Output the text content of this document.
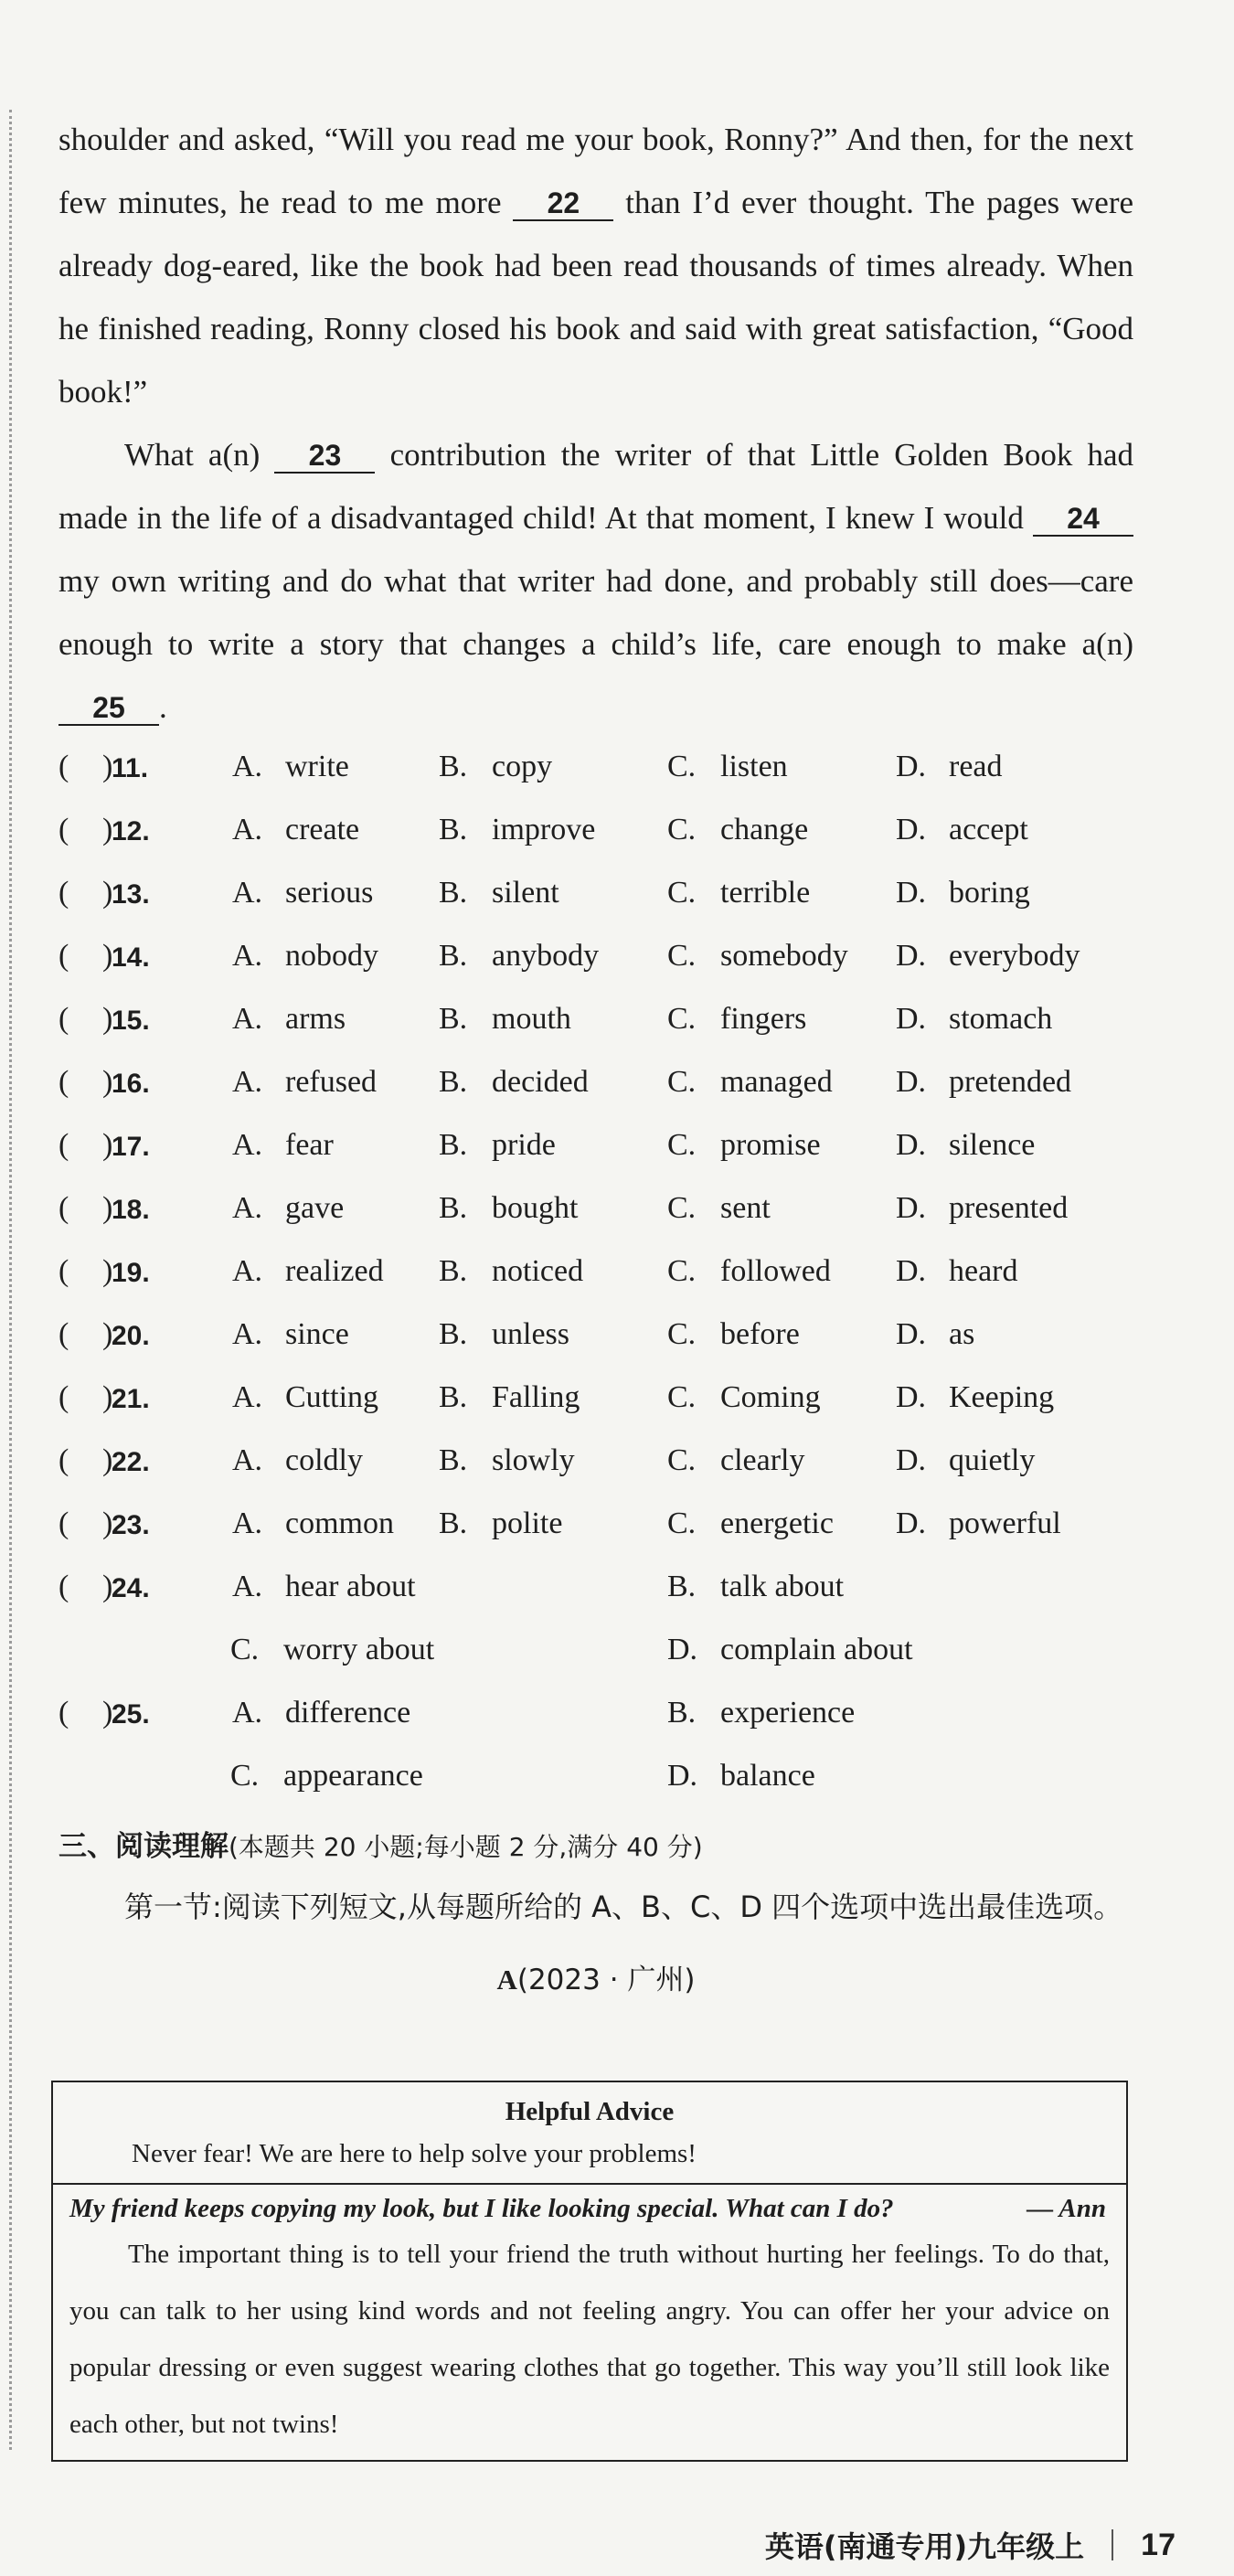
shoulder and asked, “Will you read me your book, Ronny?” And then, for the next few minutes, he read to me more 22 than I’d ever thought. The pages were already dog-eared, like the book had been read thousands of times already. When he finished reading, Ronny closed his book and said with great satisfaction, “Good book!”

What a(n) 23 contribution the writer of that Little Golden Book had made in the life of a disadvantaged child! At that moment, I knew I would 24 my own writing and do what that writer had done, and probably still does—care enough to write a story that changes a child’s life, care enough to make a(n) 25 .

( )
11.	A. write	B. copy	C. listen	D. read
( )
12.	A. create	B. improve C. change	D. accept
( )
13.	A. serious B. silent	C. terrible	D. boring
( )
14.	A. nobody B. anybody C. somebody D. everybody
( )
15.	A. arms	B. mouth	C. fingers	D. stomach
( )
16.	A. refused B. decided	C. managed D. pretended
( )
17.	A. fear	B. pride	C. promise D. silence
( )
18.	A. gave	B. bought	C. sent	D. presented
( )
19.	A. realized B. noticed	C. followed D. heard
( )
20.	A. since	B. unless	C. before	D. as
( )
21.	A. Cutting B. Falling	C. Coming D. Keeping
( )
22.	A. coldly B. slowly	C. clearly	D. quietly
( )
23.	A. common B. polite	C. energetic D. powerful
( )
24.	A. hear about	B. talk about
C. worry about	D. complain about
( )
25.	A. difference	B. experience
C. appearance	D. balance
三、阅读理解(本题共 20 小题;每小题 2 分,满分 40 分)

第一节:阅读下列短文,从每题所给的 A、B、C、D 四个选项中选出最佳选项。

A(2023 · 广州)
Helpful Advice
Never fear! We are here to help solve your problems!
My friend keeps copying my look, but I like looking special. What can I do?	— Ann

The important thing is to tell your friend the truth without hurting her feelings. To do that, you can talk to her using kind words and not feeling angry. You can offer her your advice on popular dressing or even suggest wearing clothes that go together. This way you’ll still look like each other, but not twins!

英语(南通专用)九年级上 17
